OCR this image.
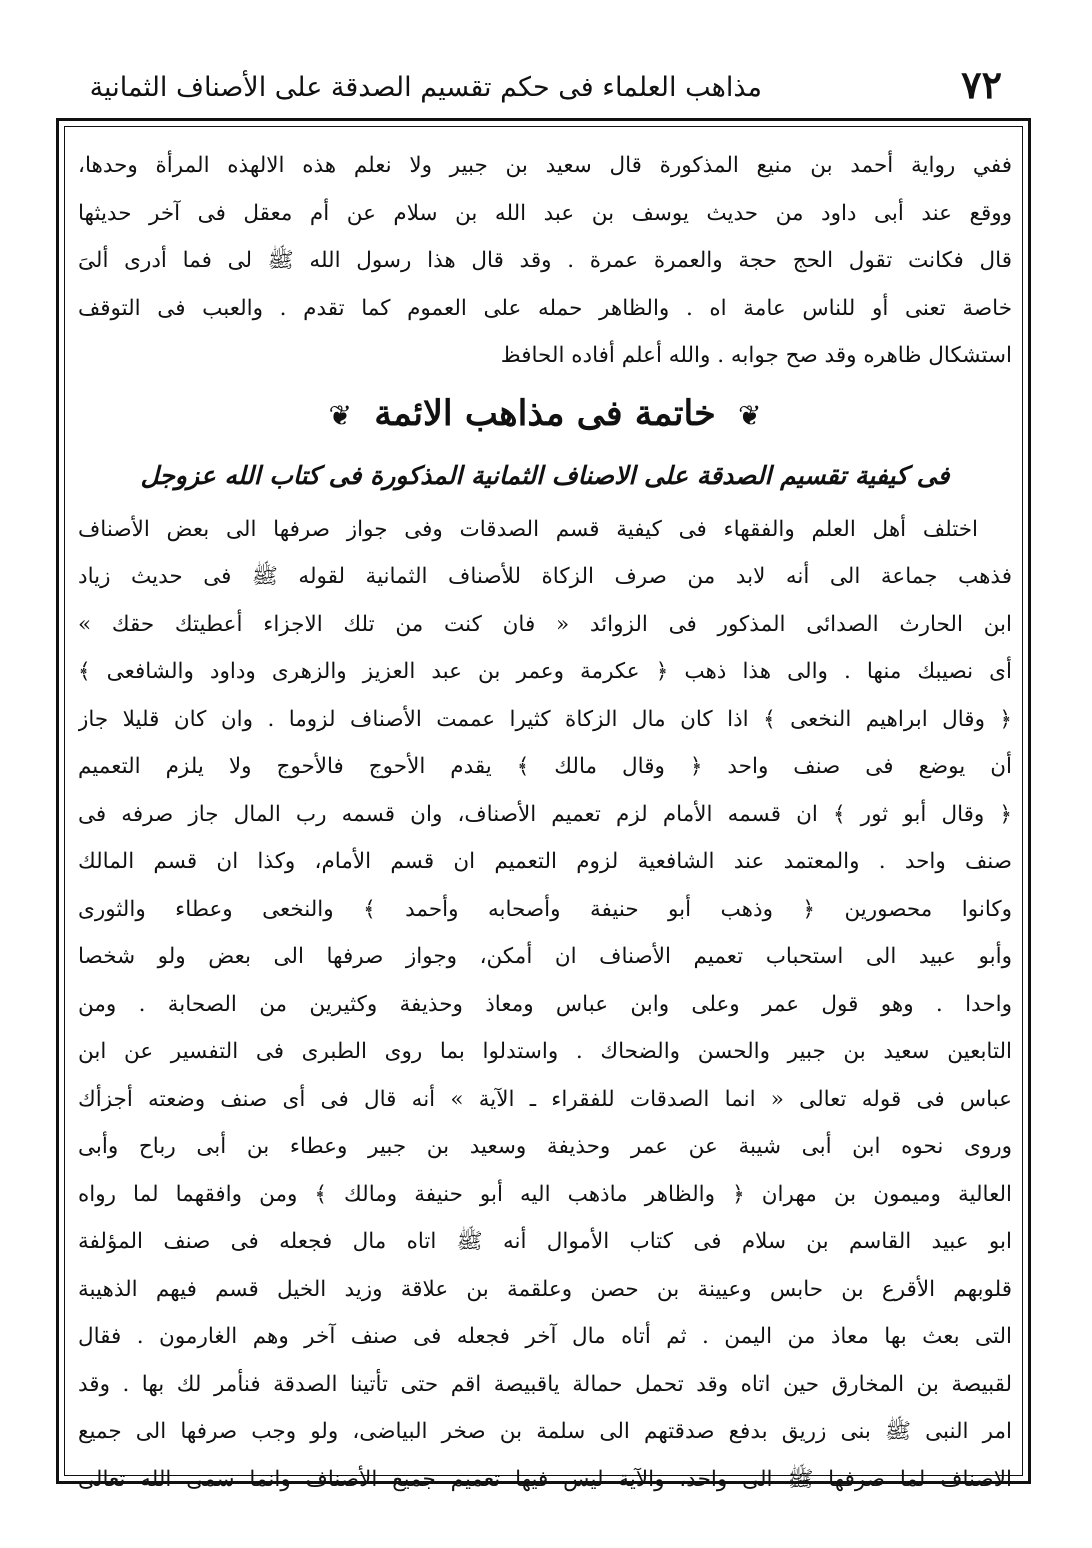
٧٢
مذاهب العلماء فى حكم تقسيم الصدقة على الأصناف الثمانية
ففي رواية أحمد بن منيع المذكورة قال سعيد بن جبير ولا نعلم هذه الالهذه المرأة وحدها،
ووقع عند أبى داود من حديث يوسف بن عبد الله بن سلام عن أم معقل فى آخر حديثها
قال فكانت تقول الحج حجة والعمرة عمرة . وقد قال هذا رسول الله ﷺ لى فما أدرى ألىَ
خاصة تعنى أو للناس عامة اه . والظاهر حمله على العموم كما تقدم . والعبب فى التوقف
استشكال ظاهره وقد صح جوابه . والله أعلم أفاده الحافظ
❦ خاتمة فى مذاهب الائمة ❦
فى كيفية تقسيم الصدقة على الاصناف الثمانية المذكورة فى كتاب الله عزوجل
اختلف أهل العلم والفقهاء فى كيفية قسم الصدقات وفى جواز صرفها الى بعض الأصناف
فذهب جماعة الى أنه لابد من صرف الزكاة للأصناف الثمانية لقوله ﷺ فى حديث زياد
ابن الحارث الصدائى المذكور فى الزوائد « فان كنت من تلك الاجزاء أعطيتك حقك »
أى نصيبك منها . والى هذا ذهب ﴿ عكرمة وعمر بن عبد العزيز والزهرى وداود والشافعى ﴾
﴿ وقال ابراهيم النخعى ﴾ اذا كان مال الزكاة كثيرا عممت الأصناف لزوما . وان كان قليلا جاز
أن يوضع فى صنف واحد ﴿ وقال مالك ﴾ يقدم الأحوج فالأحوج ولا يلزم التعميم
﴿ وقال أبو ثور ﴾ ان قسمه الأمام لزم تعميم الأصناف، وان قسمه رب المال جاز صرفه فى
صنف واحد . والمعتمد عند الشافعية لزوم التعميم ان قسم الأمام، وكذا ان قسم المالك
وكانوا محصورين ﴿ وذهب أبو حنيفة وأصحابه وأحمد ﴾ والنخعى وعطاء والثورى
وأبو عبيد الى استحباب تعميم الأصناف ان أمكن، وجواز صرفها الى بعض ولو شخصا
واحدا . وهو قول عمر وعلى وابن عباس ومعاذ وحذيفة وكثيرين من الصحابة . ومن
التابعين سعيد بن جبير والحسن والضحاك . واستدلوا بما روى الطبرى فى التفسير عن ابن
عباس فى قوله تعالى « انما الصدقات للفقراء ـ الآية » أنه قال فى أى صنف وضعته أجزأك
وروى نحوه ابن أبى شيبة عن عمر وحذيفة وسعيد بن جبير وعطاء بن أبى رباح وأبى
العالية وميمون بن مهران ﴿ والظاهر ماذهب اليه أبو حنيفة ومالك ﴾ ومن وافقهما لما رواه
ابو عبيد القاسم بن سلام فى كتاب الأموال أنه ﷺ اتاه مال فجعله فى صنف المؤلفة
قلوبهم الأقرع بن حابس وعيينة بن حصن وعلقمة بن علاقة وزيد الخيل قسم فيهم الذهيبة
التى بعث بها معاذ من اليمن . ثم أتاه مال آخر فجعله فى صنف آخر وهم الغارمون . فقال
لقبيصة بن المخارق حين اتاه وقد تحمل حمالة ياقبيصة اقم حتى تأتينا الصدقة فنأمر لك بها . وقد
امر النبى ﷺ بنى زريق بدفع صدقتهم الى سلمة بن صخر البياضى، ولو وجب صرفها الى جميع
الاصناف لما صرفها ﷺ الى واحد، والآية ليس فيها تعميم جميع الأصناف وانما سمى الله تعالى
